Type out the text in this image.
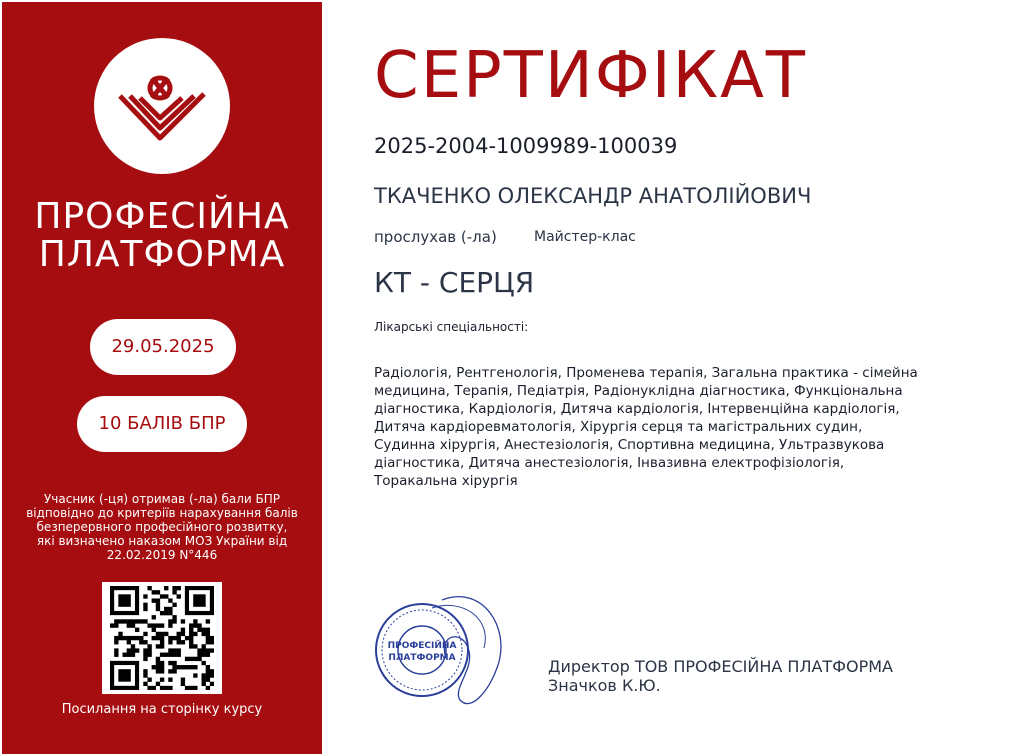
ПРОФЕСІЙНА
ПЛАТФОРМА
29.05.2025
10 БАЛІВ БПР
Учасник (-ця) отримав (-ла) бали БПР відповідно до критеріїв нарахування балів безперервного професійного розвитку, які визначено наказом МОЗ України від 22.02.2019 N°446
Посилання на сторінку курсу
СЕРТИФІКАТ
2025-2004-1009989-100039
ТКАЧЕНКО ОЛЕКСАНДР АНАТОЛІЙОВИЧ
прослухав (-ла)	Майстер-клас
КТ - СЕРЦЯ
Лікарські спеціальності:
Радіологія, Рентгенологія, Променева терапія, Загальна практика - сімейна медицина, Терапія, Педіатрія, Радіонуклідна діагностика, Функціональна діагностика, Кардіологія, Дитяча кардіологія, Інтервенційна кардіологія, Дитяча кардіоревматологія, Хірургія серця та магістральних судин, Судинна хірургія, Анестезіологія, Спортивна медицина, Ультразвукова діагностика, Дитяча анестезіологія, Інвазивна електрофізіологія, Торакальна хірургія
ПРОФЕСІЙНА
ПЛАТФОРМА	Директор ТОВ ПРОФЕСІЙНА ПЛАТФОРМА
Значков К.Ю.
